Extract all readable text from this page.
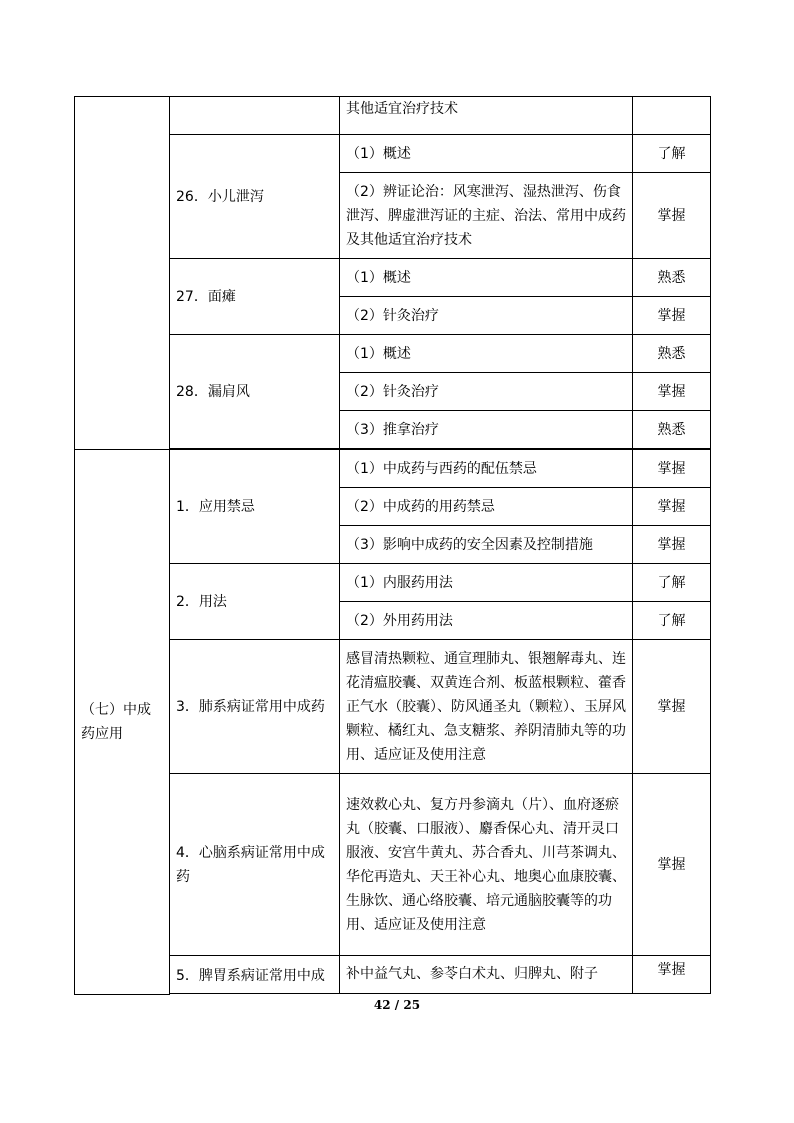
		其他适宜治疗技术	
	26．小儿泄泻	（1）概述	了解
		（2）辨证论治：风寒泄泻、湿热泄泻、伤食泄泻、脾虚泄泻证的主症、治法、常用中成药及其他适宜治疗技术	掌握
	27．面瘫	（1）概述	熟悉
		（2）针灸治疗	掌握
	28．漏肩风	（1）概述	熟悉
		（2）针灸治疗	掌握
		（3）推拿治疗	熟悉

（七）中成药应用	1．应用禁忌	（1）中成药与西药的配伍禁忌	掌握
		（2）中成药的用药禁忌	掌握
		（3）影响中成药的安全因素及控制措施	掌握
	2．用法	（1）内服药用法	了解
		（2）外用药用法	了解
	3．肺系病证常用中成药	感冒清热颗粒、通宣理肺丸、银翘解毒丸、连花清瘟胶囊、双黄连合剂、板蓝根颗粒、藿香正气水（胶囊）、防风通圣丸（颗粒）、玉屏风颗粒、橘红丸、急支糖浆、养阴清肺丸等的功用、适应证及使用注意	掌握
	4．心脑系病证常用中成药	速效救心丸、复方丹参滴丸（片）、血府逐瘀丸（胶囊、口服液）、麝香保心丸、清开灵口服液、安宫牛黄丸、苏合香丸、川芎茶调丸、华佗再造丸、天王补心丸、地奥心血康胶囊、生脉饮、通心络胶囊、培元通脑胶囊等的功用、适应证及使用注意	掌握
	5．脾胃系病证常用中成	补中益气丸、参苓白术丸、归脾丸、附子	掌握

42 / 25
